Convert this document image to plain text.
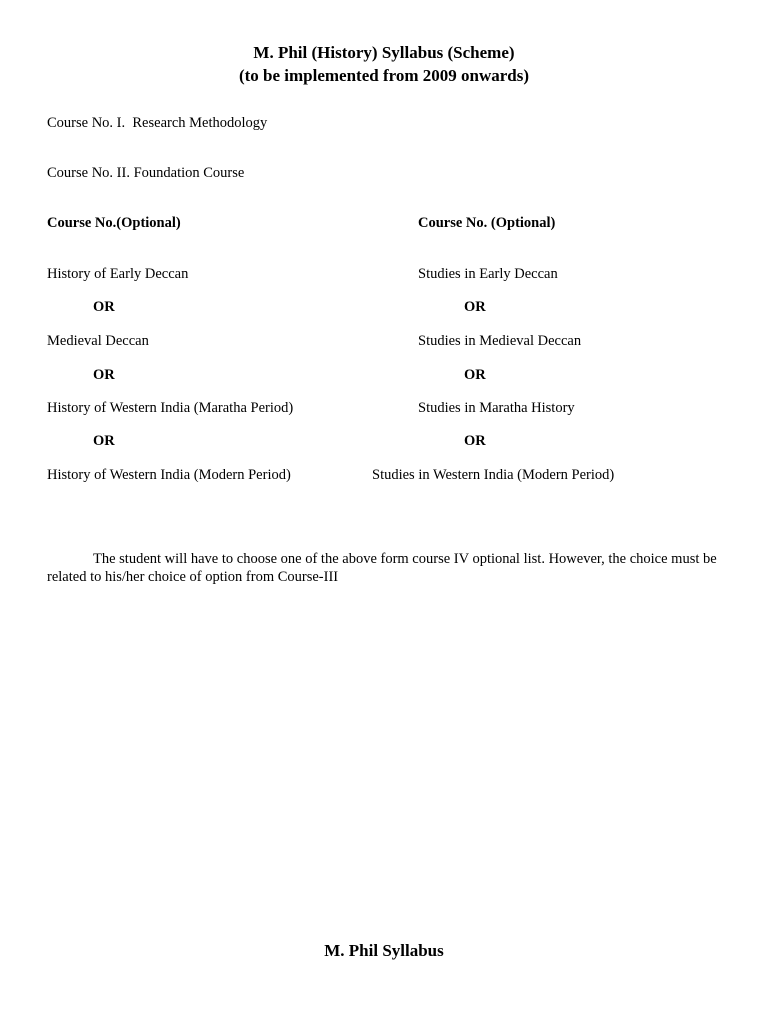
M. Phil (History) Syllabus (Scheme)
(to be implemented from 2009 onwards)
Course No. I. Research Methodology
Course No. II. Foundation Course
Course No.(Optional)	Course No. (Optional)
History of Early Deccan
OR
Medieval Deccan
OR
History of Western India (Maratha Period)
OR
History of Western India (Modern Period)
Studies in Early Deccan
OR
Studies in Medieval Deccan
OR
Studies in Maratha History
OR
Studies in Western India (Modern Period)
The student will have to choose one of the above form course IV optional list. However, the choice must be related to his/her choice of option from Course-III
M. Phil Syllabus
